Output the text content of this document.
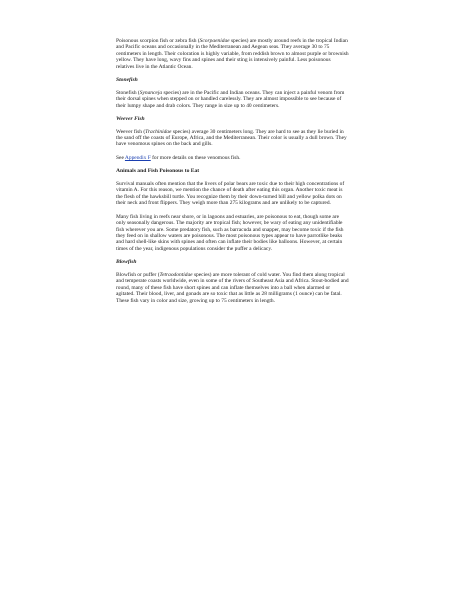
Poisonous scorpion fish or zebra fish (Scorpaenidae species) are mostly around reefs in the tropical Indian and Pacific oceans and occasionally in the Mediterranean and Aegean seas. They average 30 to 75 centimeters in length. Their coloration is highly variable, from reddish brown to almost purple or brownish yellow. They have long, wavy fins and spines and their sting is intensively painful. Less poisonous relatives live in the Atlantic Ocean.

Stonefish

Stonefish (Synanceja species) are in the Pacific and Indian oceans. They can inject a painful venom from their dorsal spines when stepped on or handled carelessly. They are almost impossible to see because of their lumpy shape and drab colors. They range in size up to 40 centimeters.

Weever Fish

Weever fish (Trachinidae species) average 30 centimeters long. They are hard to see as they lie buried in the sand off the coasts of Europe, Africa, and the Mediterranean. Their color is usually a dull brown. They have venomous spines on the back and gills.

See Appendix F for more details on these venomous fish.

Animals and Fish Poisonous to Eat

Survival manuals often mention that the livers of polar bears are toxic due to their high concentrations of vitamin A. For this reason, we mention the chance of death after eating this organ. Another toxic meat is the flesh of the hawksbill turtle. You recognize them by their down-turned bill and yellow polka dots on their neck and front flippers. They weigh more than 275 kilograms and are unlikely to be captured.

Many fish living in reefs near shore, or in lagoons and estuaries, are poisonous to eat, though some are only seasonally dangerous. The majority are tropical fish; however, be wary of eating any unidentifiable fish wherever you are. Some predatory fish, such as barracuda and snapper, may become toxic if the fish they feed on in shallow waters are poisonous. The most poisonous types appear to have parrotlike beaks and hard shell-like skins with spines and often can inflate their bodies like balloons. However, at certain times of the year, indigenous populations consider the puffer a delicacy.

Blowfish

Blowfish or puffer (Tetraodontidae species) are more tolerant of cold water. You find them along tropical and temperate coasts worldwide, even in some of the rivers of Southeast Asia and Africa. Stout-bodied and round, many of these fish have short spines and can inflate themselves into a ball when alarmed or agitated. Their blood, liver, and gonads are so toxic that as little as 28 milligrams (1 ounce) can be fatal. These fish vary in color and size, growing up to 75 centimeters in length.
